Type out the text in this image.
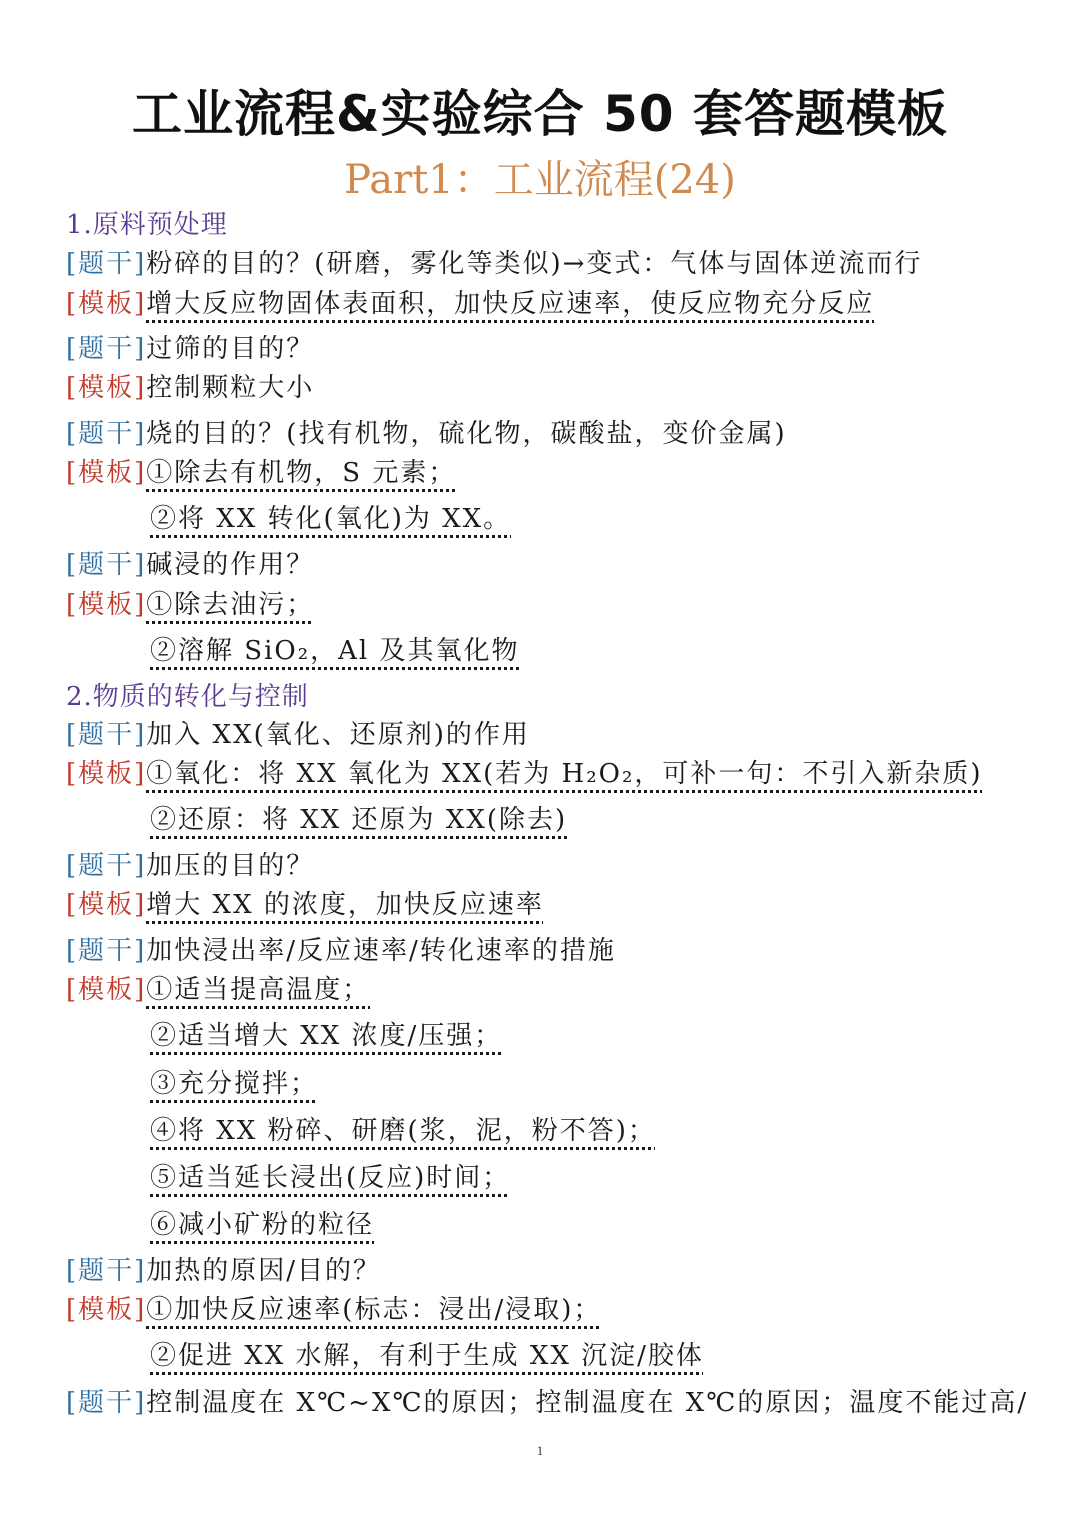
工业流程&实验综合 50 套答题模板
Part1：工业流程(24)
1.原料预处理
[题干]粉碎的目的？(研磨，雾化等类似)→变式：气体与固体逆流而行
[模板]增大反应物固体表面积，加快反应速率，使反应物充分反应
[题干]过筛的目的？
[模板]控制颗粒大小
[题干]烧的目的？(找有机物，硫化物，碳酸盐，变价金属)
[模板]①除去有机物，S 元素；
②将 XX 转化(氧化)为 XX。
[题干]碱浸的作用？
[模板]①除去油污；
②溶解 SiO₂，Al 及其氧化物
2.物质的转化与控制
[题干]加入 XX(氧化、还原剂)的作用
[模板]①氧化：将 XX 氧化为 XX(若为 H₂O₂，可补一句：不引入新杂质)
②还原：将 XX 还原为 XX(除去)
[题干]加压的目的？
[模板]增大 XX 的浓度，加快反应速率
[题干]加快浸出率/反应速率/转化速率的措施
[模板]①适当提高温度；
②适当增大 XX 浓度/压强；
③充分搅拌；
④将 XX 粉碎、研磨(浆，泥，粉不答)；
⑤适当延长浸出(反应)时间；
⑥减小矿粉的粒径
[题干]加热的原因/目的？
[模板]①加快反应速率(标志：浸出/浸取)；
②促进 XX 水解，有利于生成 XX 沉淀/胶体
[题干]控制温度在 X℃~X℃的原因；控制温度在 X℃的原因；温度不能过高/
1
